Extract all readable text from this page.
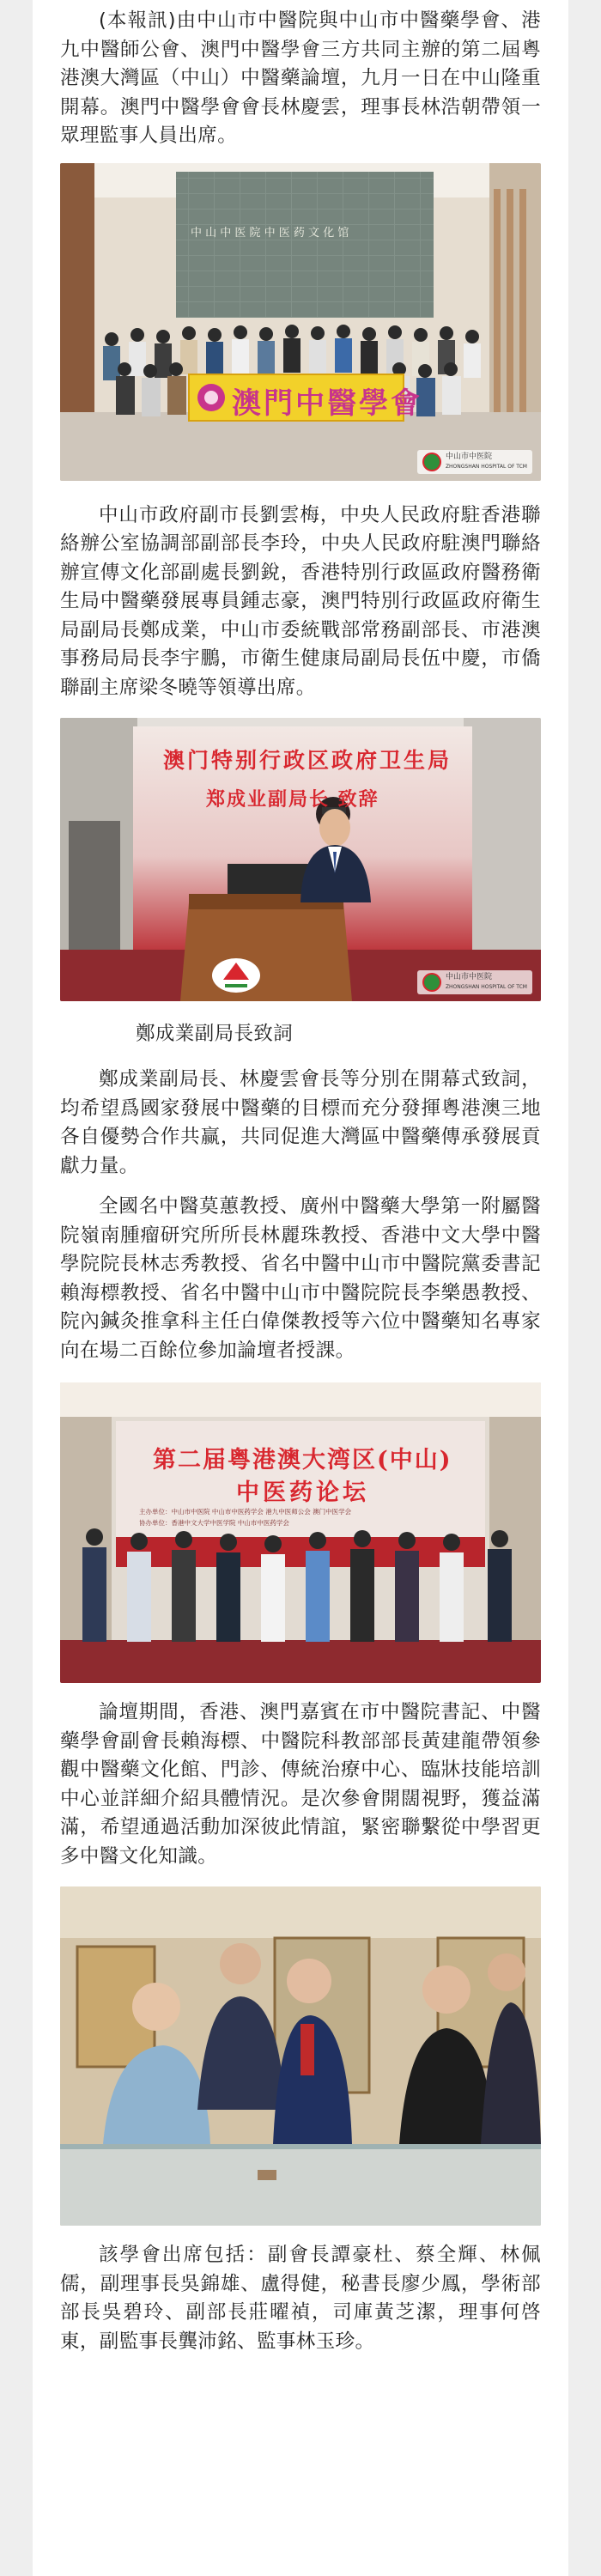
(本報訊)由中山市中醫院與中山市中醫藥學會、港九中醫師公會、澳門中醫學會三方共同主辦的第二屆粵港澳大灣區（中山）中醫藥論壇，九月一日在中山隆重開幕。澳門中醫學會會長林慶雲，理事長林浩朝帶領一眾理監事人員出席。

中 山 中 医 院 中 医 药 文 化 馆
澳門中醫學會
中山市中医院
ZHONGSHAN HOSPITAL OF TCM

中山市政府副市長劉雲梅，中央人民政府駐香港聯絡辦公室協調部副部長李玲，中央人民政府駐澳門聯絡辦宣傳文化部副處長劉銳，香港特別行政區政府醫務衛生局中醫藥發展專員鍾志豪，澳門特別行政區政府衛生局副局長鄭成業，中山市委統戰部常務副部長、市港澳事務局局長李宇鵬，市衛生健康局副局長伍中慶，市僑聯副主席梁冬曉等領導出席。

澳门特别行政区政府卫生局
郑成业副局长 致辞
中山市中医院
ZHONGSHAN HOSPITAL OF TCM

鄭成業副局長致詞

鄭成業副局長、林慶雲會長等分別在開幕式致詞，均希望爲國家發展中醫藥的目標而充分發揮粵港澳三地各自優勢合作共赢，共同促進大灣區中醫藥傳承發展貢獻力量。

全國名中醫莫蕙教授、廣州中醫藥大學第一附屬醫院嶺南腫瘤研究所所長林麗珠教授、香港中文大學中醫學院院長林志秀教授、省名中醫中山市中醫院黨委書記賴海標教授、省名中醫中山市中醫院院長李樂愚教授、院內鍼灸推拿科主任白偉傑教授等六位中醫藥知名專家向在場二百餘位參加論壇者授課。

第二届粤港澳大湾区(中山)
中医药论坛
主办单位：中山市中医院 中山市中医药学会 港九中医师公会 澳门中医学会
协办单位：香港中文大学中医学院 中山市中医药学会

論壇期間，香港、澳門嘉賓在市中醫院書記、中醫藥學會副會長賴海標、中醫院科教部部長黃建龍帶領參觀中醫藥文化館、門診、傳統治療中心、臨牀技能培訓中心並詳細介紹具體情況。是次參會開闊視野，獲益滿滿，希望通過活動加深彼此情誼，緊密聯繫從中學習更多中醫文化知識。

該學會出席包括：副會長譚豪杜、蔡全輝、林佩儒，副理事長吳錦雄、盧得健，秘書長廖少鳳，學術部部長吳碧玲、副部長莊曜禎，司庫黃芝潔，理事何啓東，副監事長龔沛銘、監事林玉珍。
